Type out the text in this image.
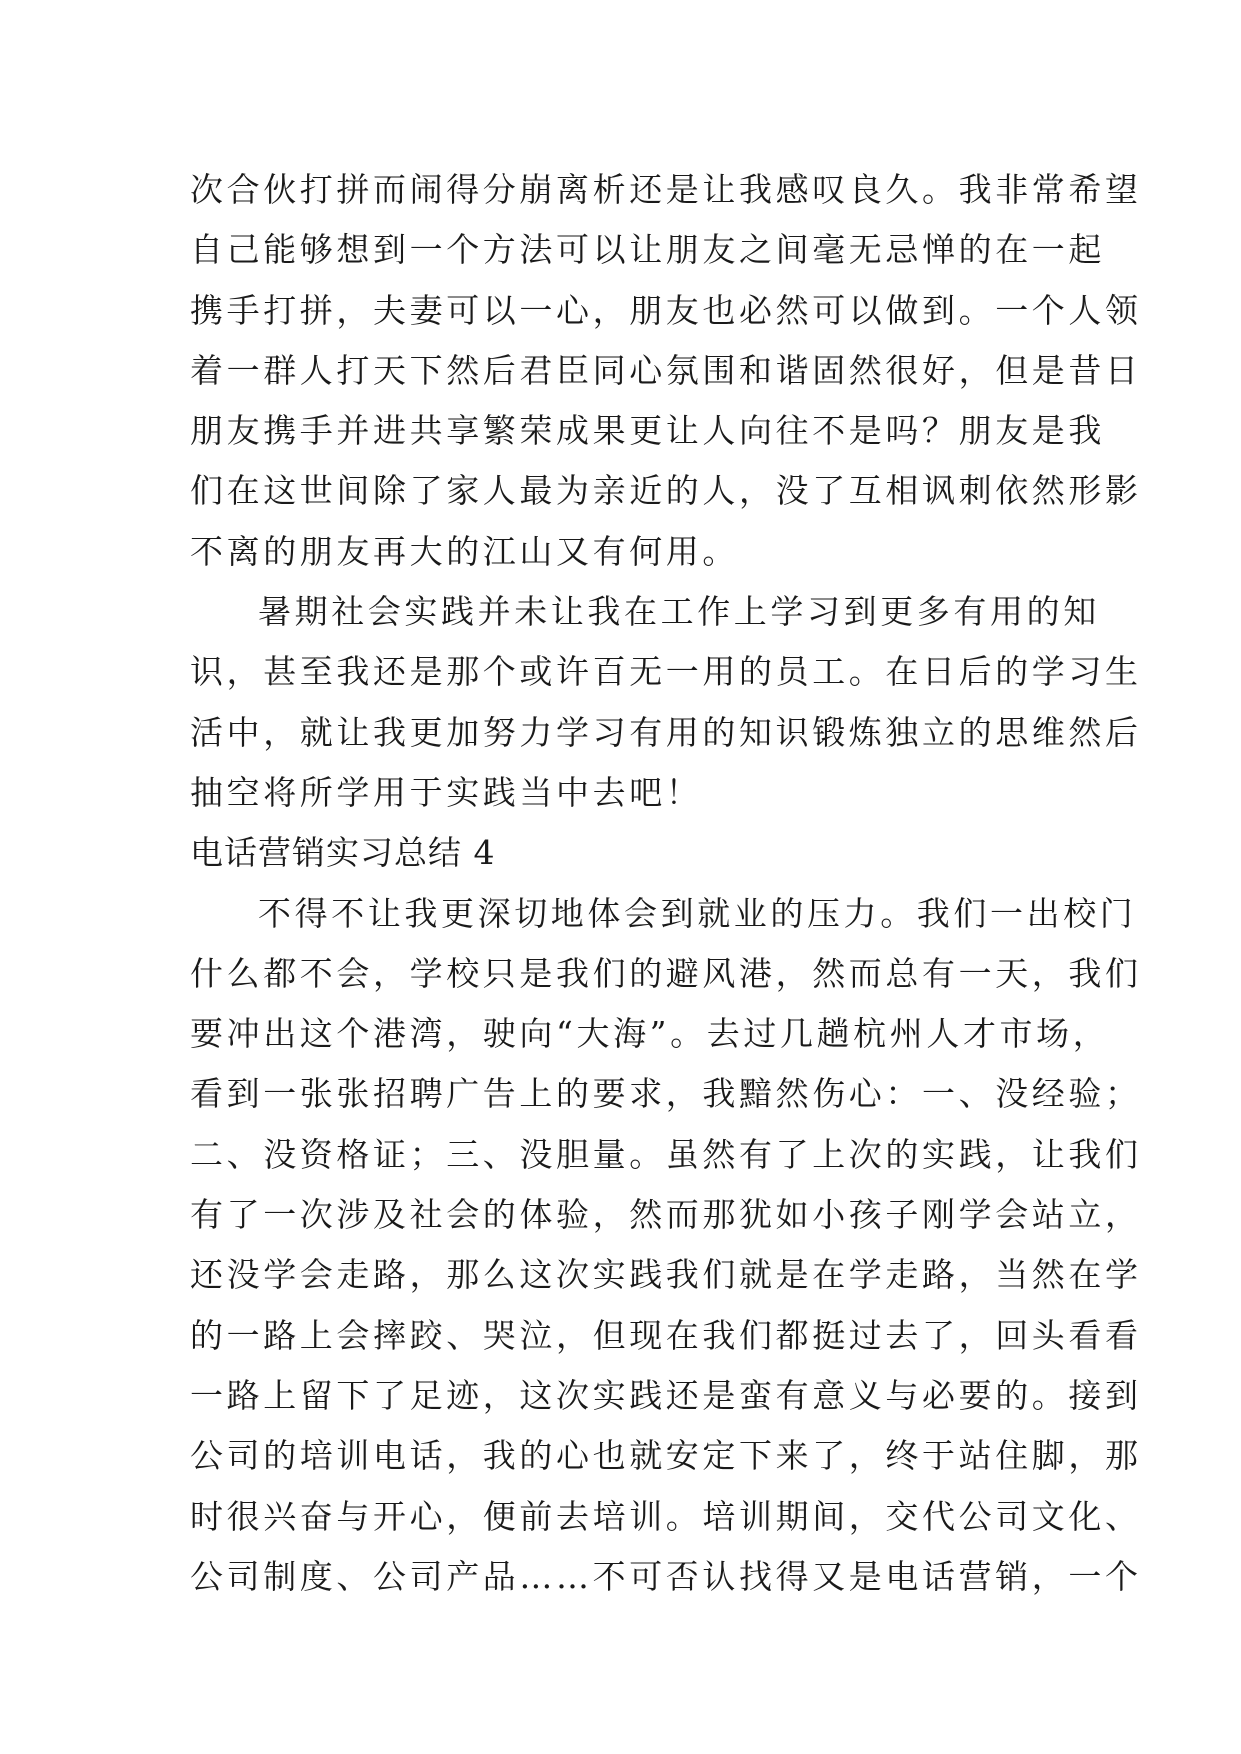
次合伙打拼而闹得分崩离析还是让我感叹良久。我非常希望
自己能够想到一个方法可以让朋友之间毫无忌惮的在一起
携手打拼，夫妻可以一心，朋友也必然可以做到。一个人领
着一群人打天下然后君臣同心氛围和谐固然很好，但是昔日
朋友携手并进共享繁荣成果更让人向往不是吗？朋友是我
们在这世间除了家人最为亲近的人，没了互相讽刺依然形影
不离的朋友再大的江山又有何用。
暑期社会实践并未让我在工作上学习到更多有用的知
识，甚至我还是那个或许百无一用的员工。在日后的学习生
活中，就让我更加努力学习有用的知识锻炼独立的思维然后
抽空将所学用于实践当中去吧！
电话营销实习总结 4
不得不让我更深切地体会到就业的压力。我们一出校门
什么都不会，学校只是我们的避风港，然而总有一天，我们
要冲出这个港湾，驶向“大海”。去过几趟杭州人才市场，
看到一张张招聘广告上的要求，我黯然伤心：一、没经验；
二、没资格证；三、没胆量。虽然有了上次的实践，让我们
有了一次涉及社会的体验，然而那犹如小孩子刚学会站立，
还没学会走路，那么这次实践我们就是在学走路，当然在学
的一路上会摔跤、哭泣，但现在我们都挺过去了，回头看看
一路上留下了足迹，这次实践还是蛮有意义与必要的。接到
公司的培训电话，我的心也就安定下来了，终于站住脚，那
时很兴奋与开心，便前去培训。培训期间，交代公司文化、
公司制度、公司产品……不可否认找得又是电话营销，一个
